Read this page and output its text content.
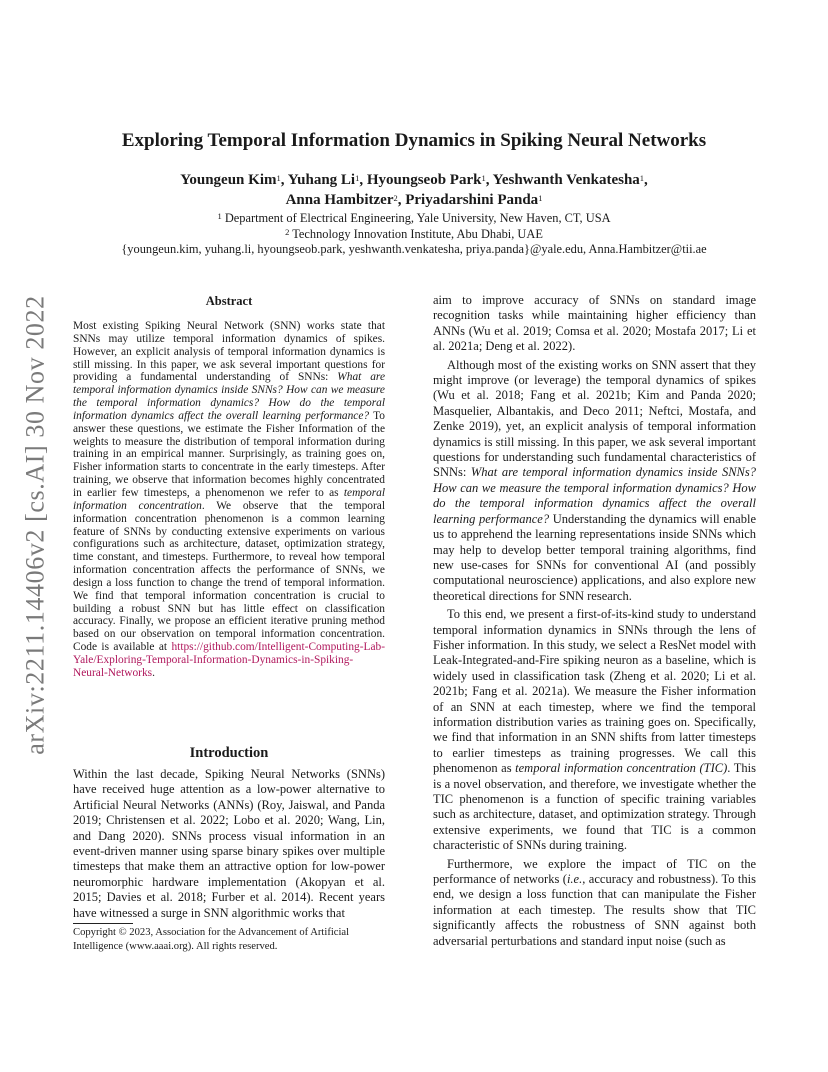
arXiv:2211.14406v2 [cs.AI] 30 Nov 2022
Exploring Temporal Information Dynamics in Spiking Neural Networks
Youngeun Kim$^1$, Yuhang Li$^1$, Hyoungseob Park$^1$, Yeshwanth Venkatesha$^1$,
Anna Hambitzer$^2$, Priyadarshini Panda$^1$
$^1$ Department of Electrical Engineering, Yale University, New Haven, CT, USA
$^2$ Technology Innovation Institute, Abu Dhabi, UAE
{youngeun.kim, yuhang.li, hyoungseob.park, yeshwanth.venkatesha, priya.panda}@yale.edu, Anna.Hambitzer@tii.ae
Abstract

Most existing Spiking Neural Network (SNN) works state that SNNs may utilize temporal information dynamics of spikes. However, an explicit analysis of temporal information dynamics is still missing. In this paper, we ask several important questions for providing a fundamental understanding of SNNs: What are temporal information dynamics inside SNNs? How can we measure the temporal information dynamics? How do the temporal information dynamics affect the overall learning performance? To answer these questions, we estimate the Fisher Information of the weights to measure the distribution of temporal information during training in an empirical manner. Surprisingly, as training goes on, Fisher information starts to concentrate in the early timesteps. After training, we observe that information becomes highly concentrated in earlier few timesteps, a phenomenon we refer to as temporal information concentration. We observe that the temporal information concentration phenomenon is a common learning feature of SNNs by conducting extensive experiments on various configurations such as architecture, dataset, optimization strategy, time constant, and timesteps. Furthermore, to reveal how temporal information concentration affects the performance of SNNs, we design a loss function to change the trend of temporal information. We find that temporal information concentration is crucial to building a robust SNN but has little effect on classification accuracy. Finally, we propose an efficient iterative pruning method based on our observation on temporal information concentration. Code is available at https://github.com/Intelligent-Computing-Lab-Yale/Exploring-Temporal-Information-Dynamics-in-Spiking-Neural-Networks.

Introduction

Within the last decade, Spiking Neural Networks (SNNs) have received huge attention as a low-power alternative to Artificial Neural Networks (ANNs) (Roy, Jaiswal, and Panda 2019; Christensen et al. 2022; Lobo et al. 2020; Wang, Lin, and Dang 2020). SNNs process visual information in an event-driven manner using sparse binary spikes over multiple timesteps that make them an attractive option for low-power neuromorphic hardware implementation (Akopyan et al. 2015; Davies et al. 2018; Furber et al. 2014). Recent years have witnessed a surge in SNN algorithmic works that

Copyright © 2023, Association for the Advancement of Artificial Intelligence (www.aaai.org). All rights reserved.

aim to improve accuracy of SNNs on standard image recognition tasks while maintaining higher efficiency than ANNs (Wu et al. 2019; Comsa et al. 2020; Mostafa 2017; Li et al. 2021a; Deng et al. 2022).

Although most of the existing works on SNN assert that they might improve (or leverage) the temporal dynamics of spikes (Wu et al. 2018; Fang et al. 2021b; Kim and Panda 2020; Masquelier, Albantakis, and Deco 2011; Neftci, Mostafa, and Zenke 2019), yet, an explicit analysis of temporal information dynamics is still missing. In this paper, we ask several important questions for understanding such fundamental characteristics of SNNs: What are temporal information dynamics inside SNNs? How can we measure the temporal information dynamics? How do the temporal information dynamics affect the overall learning performance? Understanding the dynamics will enable us to apprehend the learning representations inside SNNs which may help to develop better temporal training algorithms, find new use-cases for SNNs for conventional AI (and possibly computational neuroscience) applications, and also explore new theoretical directions for SNN research.

To this end, we present a first-of-its-kind study to understand temporal information dynamics in SNNs through the lens of Fisher information. In this study, we select a ResNet model with Leak-Integrated-and-Fire spiking neuron as a baseline, which is widely used in classification task (Zheng et al. 2020; Li et al. 2021b; Fang et al. 2021a). We measure the Fisher information of an SNN at each timestep, where we find the temporal information distribution varies as training goes on. Specifically, we find that information in an SNN shifts from latter timesteps to earlier timesteps as training progresses. We call this phenomenon as temporal information concentration (TIC). This is a novel observation, and therefore, we investigate whether the TIC phenomenon is a function of specific training variables such as architecture, dataset, and optimization strategy. Through extensive experiments, we found that TIC is a common characteristic of SNNs during training.

Furthermore, we explore the impact of TIC on the performance of networks (i.e., accuracy and robustness). To this end, we design a loss function that can manipulate the Fisher information at each timestep. The results show that TIC significantly affects the robustness of SNN against both adversarial perturbations and standard input noise (such as
